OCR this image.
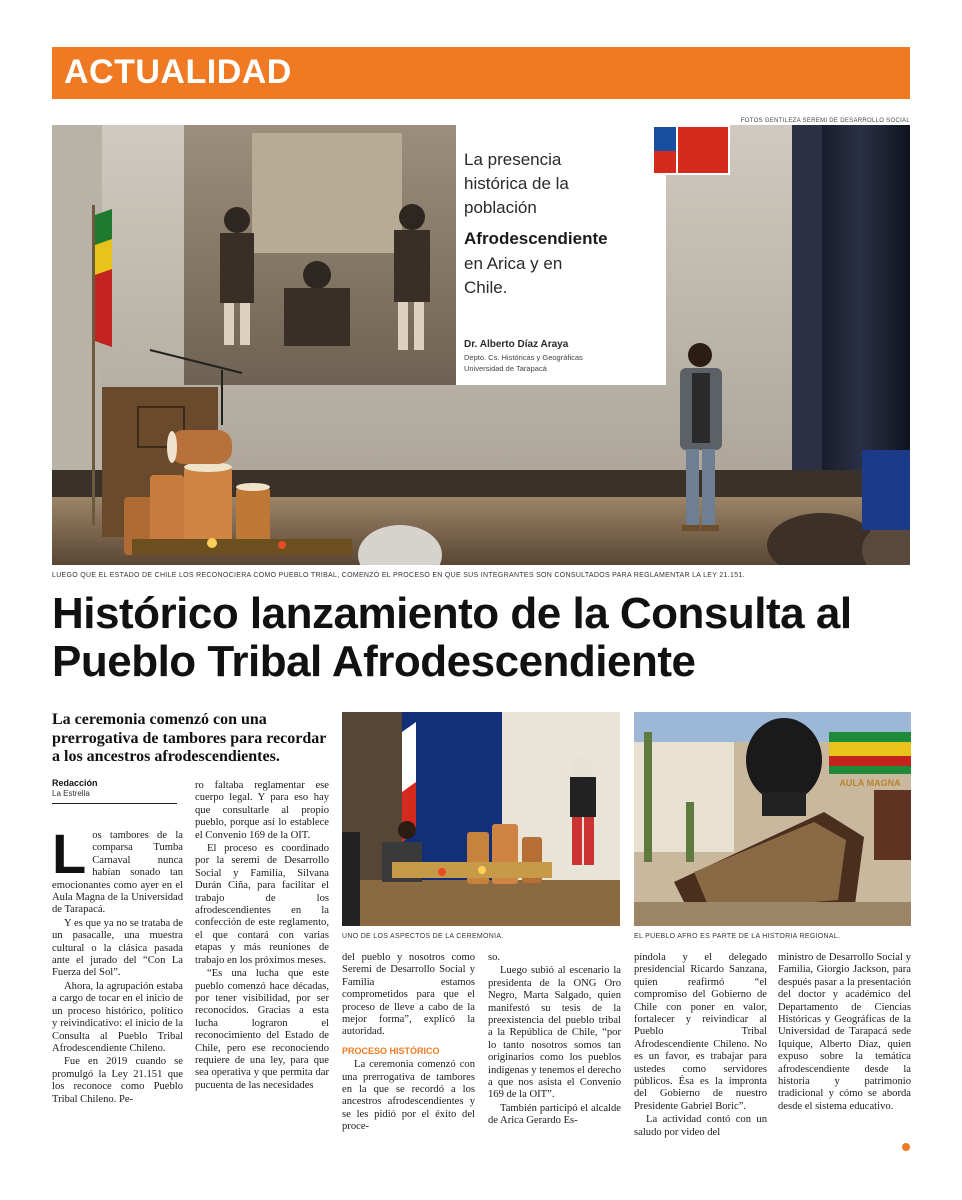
ACTUALIDAD
FOTOS GENTILEZA SEREMI DE DESARROLLO SOCIAL
La presencia
histórica de la
población
Afrodescendiente
en Arica y en
Chile.
Dr. Alberto Díaz Araya
Depto. Cs. Históricas y Geográficas
Universidad de Tarapacá
LUEGO QUE EL ESTADO DE CHILE LOS RECONOCIERA COMO PUEBLO TRIBAL, COMENZÓ EL PROCESO EN QUE SUS INTEGRANTES SON CONSULTADOS PARA REGLAMENTAR LA LEY 21.151.
Histórico lanzamiento de la Consulta al
Pueblo Tribal Afrodescendiente
La ceremonia comenzó con una prerrogativa de tambores para recordar a los ancestros afrodescendientes.
Redacción
La Estrella

Los tambores de la comparsa Tumba Carnaval nunca habían sonado tan emocionantes como ayer en el Aula Magna de la Universidad de Tarapacá.

Y es que ya no se trataba de un pasacalle, una muestra cultural o la clásica pasada ante el jurado del “Con La Fuerza del Sol”.

Ahora, la agrupación estaba a cargo de tocar en el inicio de un proceso histórico, político y reivindicativo: el inicio de la Consulta al Pueblo Tribal Afrodescendiente Chileno.

Fue en 2019 cuando se promulgó la Ley 21.151 que los reconoce como Pueblo Tribal Chileno. Pe-

ro faltaba reglamentar ese cuerpo legal. Y para eso hay que consultarle al propio pueblo, porque así lo establece el Convenio 169 de la OIT.

El proceso es coordinado por la seremi de Desarrollo Social y Familia, Silvana Durán Ciña, para facilitar el trabajo de los afrodescendientes en la confección de este reglamento, el que contará con varias etapas y más reuniones de trabajo en los próximos meses.

“Es una lucha que este pueblo comenzó hace décadas, por tener visibilidad, por ser reconocidos. Gracias a esta lucha lograron el reconocimiento del Estado de Chile, pero ese reconociendo requiere de una ley, para que sea operativa y que permita dar pucuenta de las necesidades

UNO DE LOS ASPECTOS DE LA CEREMONIA.
AULA MAGNA
EL PUEBLO AFRO ES PARTE DE LA HISTORIA REGIONAL.

del pueblo y nosotros como Seremi de Desarrollo Social y Familia estamos comprometidos para que el proceso de lleve a cabo de la mejor forma”, explicó la autoridad.

PROCESO HISTÓRICO

La ceremonia comenzó con una prerrogativa de tambores en la que se recordó a los ancestros afrodescendientes y se les pidió por el éxito del proce-

so.

Luego subió al escenario la presidenta de la ONG Oro Negro, Marta Salgado, quien manifestó su tesis de la preexistencia del pueblo tribal a la República de Chile, “por lo tanto nosotros somos tan originarios como los pueblos indígenas y tenemos el derecho a que nos asista el Convenio 169 de la OIT”.

También participó el alcalde de Arica Gerardo Es-

píndola y el delegado presidencial Ricardo Sanzana, quien reafirmó “el compromiso del Gobierno de Chile con poner en valor, fortalecer y reivindicar al Pueblo Tribal Afrodescendiente Chileno. No es un favor, es trabajar para ustedes como servidores públicos. Ésa es la impronta del Gobierno de nuestro Presidente Gabriel Boric”.

La actividad contó con un saludo por video del

ministro de Desarrollo Social y Familia, Giorgio Jackson, para después pasar a la presentación del doctor y académico del Departamento de Ciencias Históricas y Geográficas de la Universidad de Tarapacá sede Iquique, Alberto Díaz, quien expuso sobre la temática afrodescendiente desde la historia y patrimonio tradicional y cómo se aborda desde el sistema educativo.
